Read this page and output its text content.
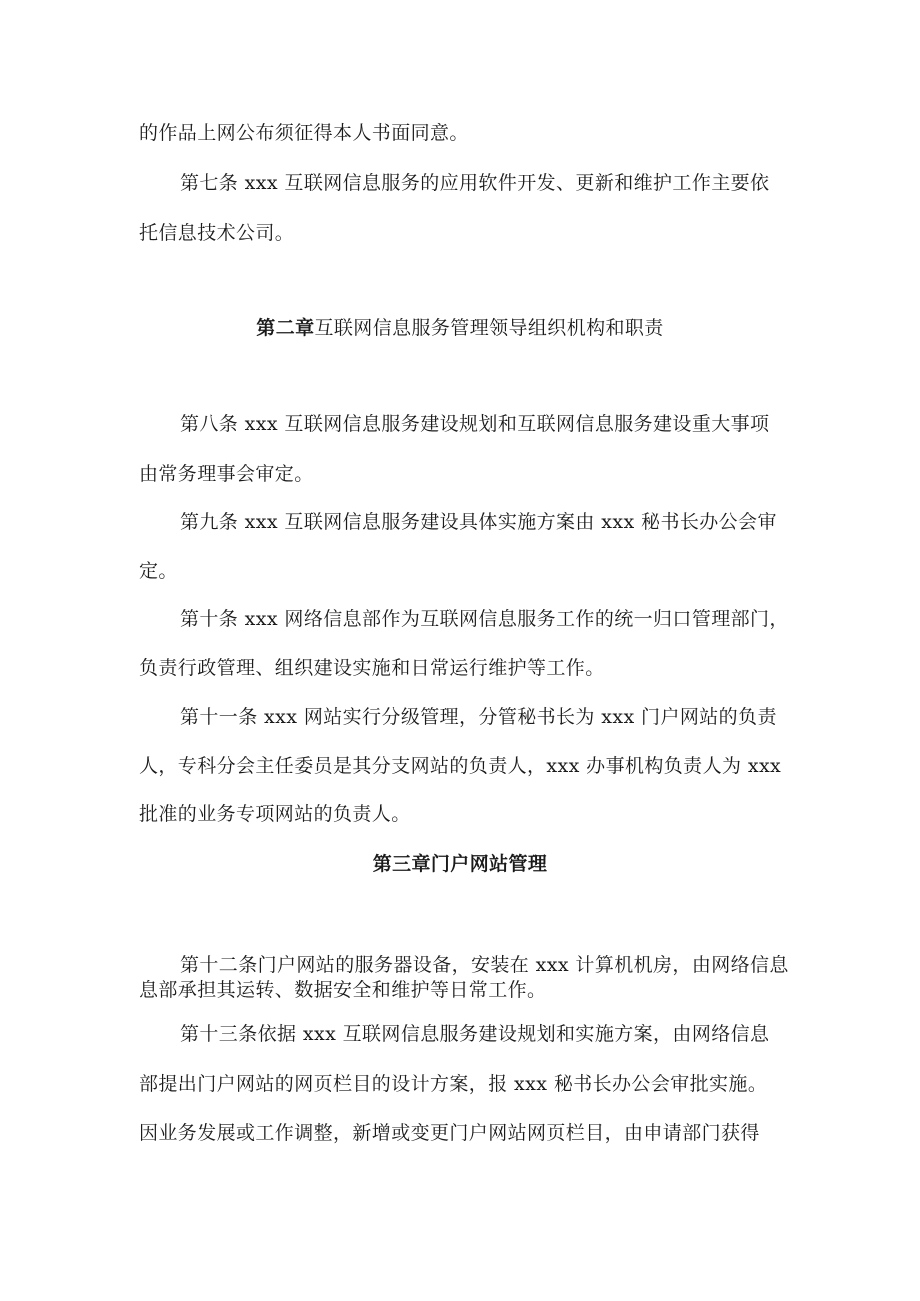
的作品上网公布须征得本人书面同意。
第七条 xxx 互联网信息服务的应用软件开发、更新和维护工作主要依
托信息技术公司。
第二章互联网信息服务管理领导组织机构和职责
第八条 xxx 互联网信息服务建设规划和互联网信息服务建设重大事项
由常务理事会审定。
第九条 xxx 互联网信息服务建设具体实施方案由 xxx 秘书长办公会审
定。
第十条 xxx 网络信息部作为互联网信息服务工作的统一归口管理部门，
负责行政管理、组织建设实施和日常运行维护等工作。
第十一条 xxx 网站实行分级管理，分管秘书长为 xxx 门户网站的负责
人，专科分会主任委员是其分支网站的负责人，xxx 办事机构负责人为 xxx
批准的业务专项网站的负责人。
第三章门户网站管理
第十二条门户网站的服务器设备，安装在 xxx 计算机机房，由网络信息
息部承担其运转、数据安全和维护等日常工作。
第十三条依据 xxx 互联网信息服务建设规划和实施方案，由网络信息
部提出门户网站的网页栏目的设计方案，报 xxx 秘书长办公会审批实施。
因业务发展或工作调整，新增或变更门户网站网页栏目，由申请部门获得
